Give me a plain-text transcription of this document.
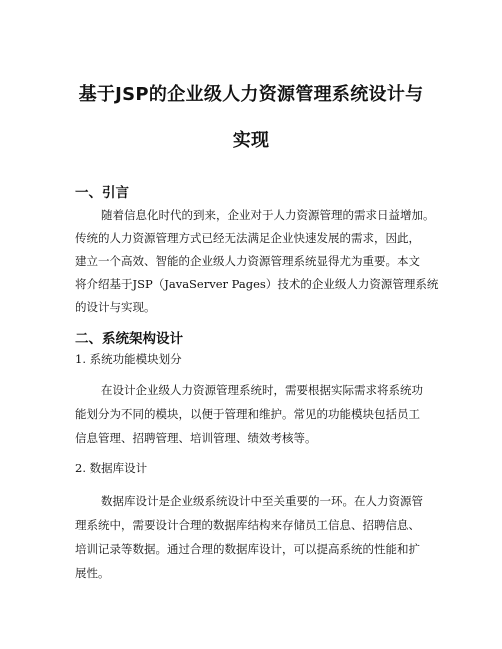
基于JSP的企业级人力资源管理系统设计与
实现
一、引言
随着信息化时代的到来，企业对于人力资源管理的需求日益增加。
传统的人力资源管理方式已经无法满足企业快速发展的需求，因此，
建立一个高效、智能的企业级人力资源管理系统显得尤为重要。本文
将介绍基于JSP（JavaServer Pages）技术的企业级人力资源管理系统
的设计与实现。
二、系统架构设计
1. 系统功能模块划分
在设计企业级人力资源管理系统时，需要根据实际需求将系统功
能划分为不同的模块，以便于管理和维护。常见的功能模块包括员工
信息管理、招聘管理、培训管理、绩效考核等。
2. 数据库设计
数据库设计是企业级系统设计中至关重要的一环。在人力资源管
理系统中，需要设计合理的数据库结构来存储员工信息、招聘信息、
培训记录等数据。通过合理的数据库设计，可以提高系统的性能和扩
展性。
